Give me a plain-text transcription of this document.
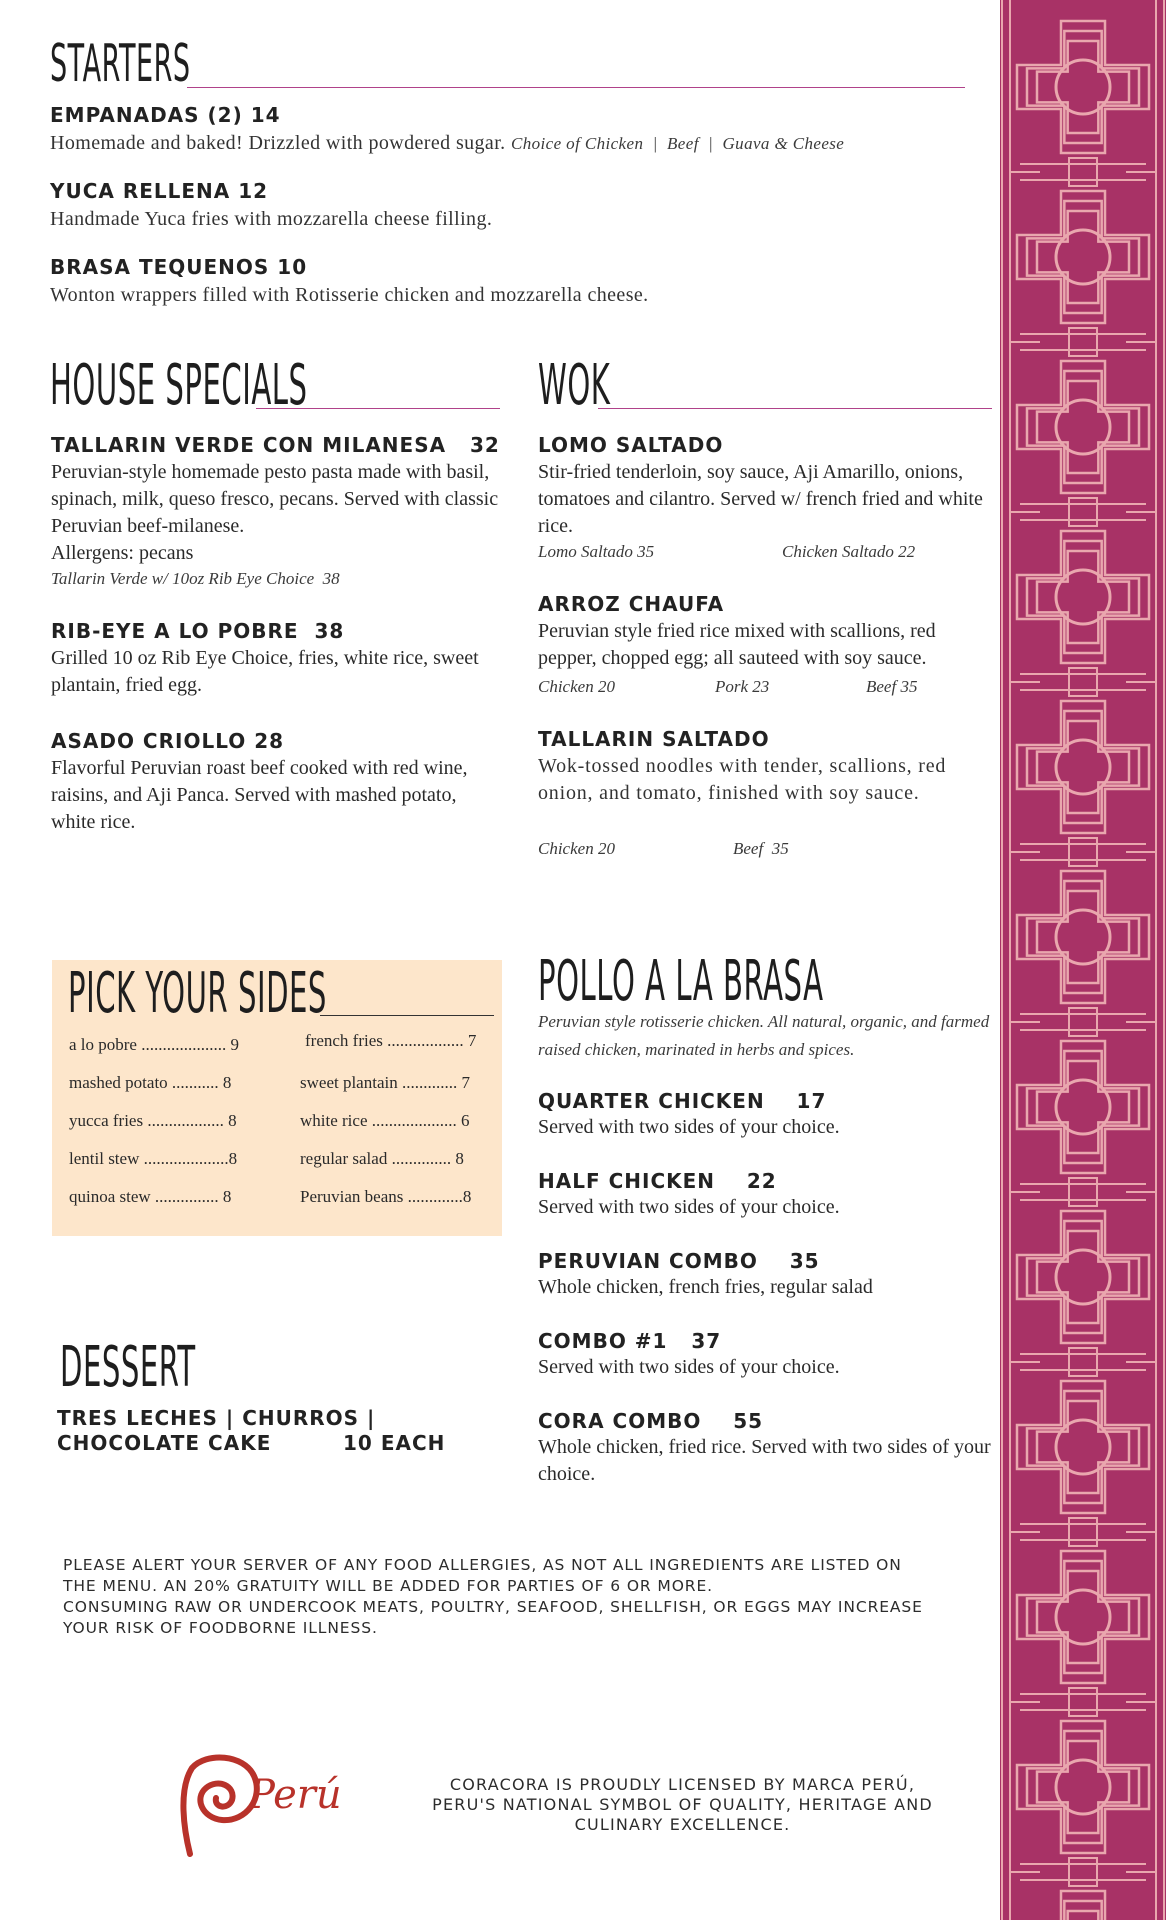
STARTERS
EMPANADAS (2) 14
Homemade and baked! Drizzled with powdered sugar. Choice of Chicken  |  Beef  |  Guava & Cheese
YUCA RELLENA 12
Handmade Yuca fries with mozzarella cheese filling.
BRASA TEQUENOS 10
Wonton wrappers filled with Rotisserie chicken and mozzarella cheese.
HOUSE SPECIALS
TALLARIN VERDE CON MILANESA   32
Peruvian-style homemade pesto pasta made with basil, spinach, milk, queso fresco, pecans. Served with classic Peruvian beef-milanese.
Allergens: pecans
Tallarin Verde w/ 10oz Rib Eye Choice  38
RIB-EYE A LO POBRE  38
Grilled 10 oz Rib Eye Choice, fries, white rice, sweet plantain, fried egg.
ASADO CRIOLLO 28
Flavorful Peruvian roast beef cooked with red wine, raisins, and Aji Panca. Served with mashed potato, white rice.
WOK
LOMO SALTADO
Stir-fried tenderloin, soy sauce, Aji Amarillo, onions, tomatoes and cilantro. Served w/ french fried and white rice.
Lomo Saltado 35	Chicken Saltado 22
ARROZ CHAUFA
Peruvian style fried rice mixed with scallions, red pepper, chopped egg; all sauteed with soy sauce.
Chicken 20	Pork 23	Beef 35
TALLARIN SALTADO
Wok-tossed noodles with tender, scallions, red onion, and tomato, finished with soy sauce.
Chicken 20	Beef  35
PICK YOUR SIDES
a lo pobre .................... 9
mashed potato ........... 8
yucca fries .................. 8
lentil stew ....................8
quinoa stew ............... 8
french fries .................. 7
sweet plantain ............. 7
white rice .................... 6
regular salad .............. 8
Peruvian beans .............8
POLLO A LA BRASA
Peruvian style rotisserie chicken. All natural, organic, and farmed raised chicken, marinated in herbs and spices.
QUARTER CHICKEN    17
Served with two sides of your choice.
HALF CHICKEN    22
Served with two sides of your choice.
PERUVIAN COMBO    35
Whole chicken, french fries, regular salad
COMBO #1   37
Served with two sides of your choice.
CORA COMBO    55
Whole chicken, fried rice. Served with two sides of your choice.
DESSERT
TRES LECHES | CHURROS |
CHOCOLATE CAKE         10 EACH
PLEASE ALERT YOUR SERVER OF ANY FOOD ALLERGIES, AS NOT ALL INGREDIENTS ARE LISTED ON
THE MENU. AN 20% GRATUITY WILL BE ADDED FOR PARTIES OF 6 OR MORE.
CONSUMING RAW OR UNDERCOOK MEATS, POULTRY, SEAFOOD, SHELLFISH, OR EGGS MAY INCREASE
YOUR RISK OF FOODBORNE ILLNESS.
Perú	CORACORA IS PROUDLY LICENSED BY MARCA PERÚ,
PERU'S NATIONAL SYMBOL OF QUALITY, HERITAGE AND
CULINARY EXCELLENCE.
